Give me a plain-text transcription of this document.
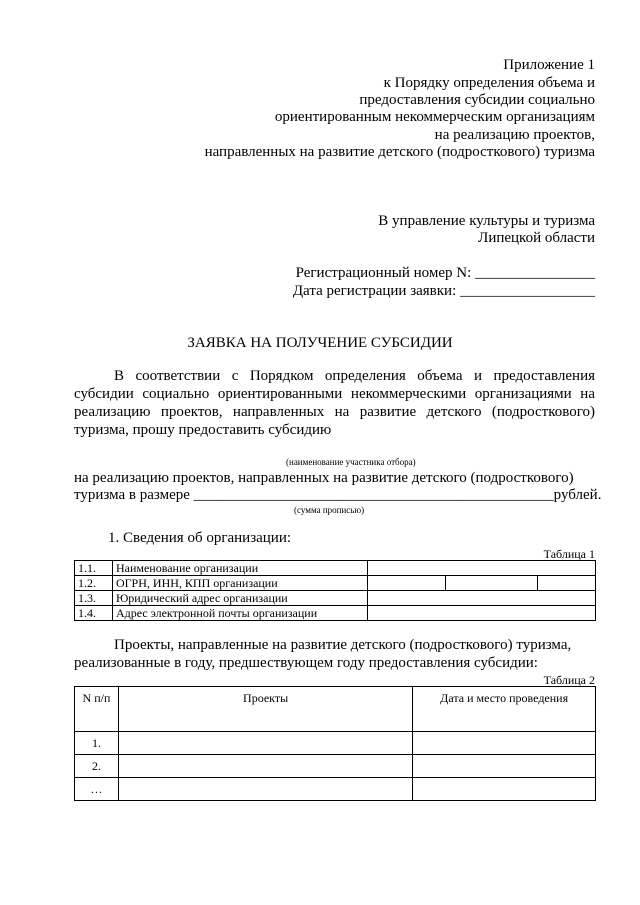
Приложение 1
к Порядку определения объема и
предоставления субсидии социально
ориентированным некоммерческим организациям
на реализацию проектов,
направленных на развитие детского (подросткового) туризма
В управление культуры и туризма
Липецкой области
Регистрационный номер N: ________________
Дата регистрации заявки: __________________
ЗАЯВКА НА ПОЛУЧЕНИЕ СУБСИДИИ
В соответствии с Порядком определения объема и предоставления субсидии социально ориентированными некоммерческими организациями на реализацию проектов, направленных на развитие детского (подросткового) туризма, прошу предоставить субсидию
(наименование участника отбора)
на реализацию проектов, направленных на развитие детского (подросткового)
туризма в размере ________________________________________________рублей.
(сумма прописью)
1. Сведения об организации:
Таблица 1
1.1.	Наименование организации			
1.2.	ОГРН, ИНН, КПП организации			
1.3.	Юридический адрес организации			
1.4.	Адрес электронной почты организации			
Проекты, направленные на развитие детского (подросткового) туризма,
реализованные в году, предшествующем году предоставления субсидии:
Таблица 2
N п/п	Проекты	Дата и место проведения
1.		
2.		
…		
